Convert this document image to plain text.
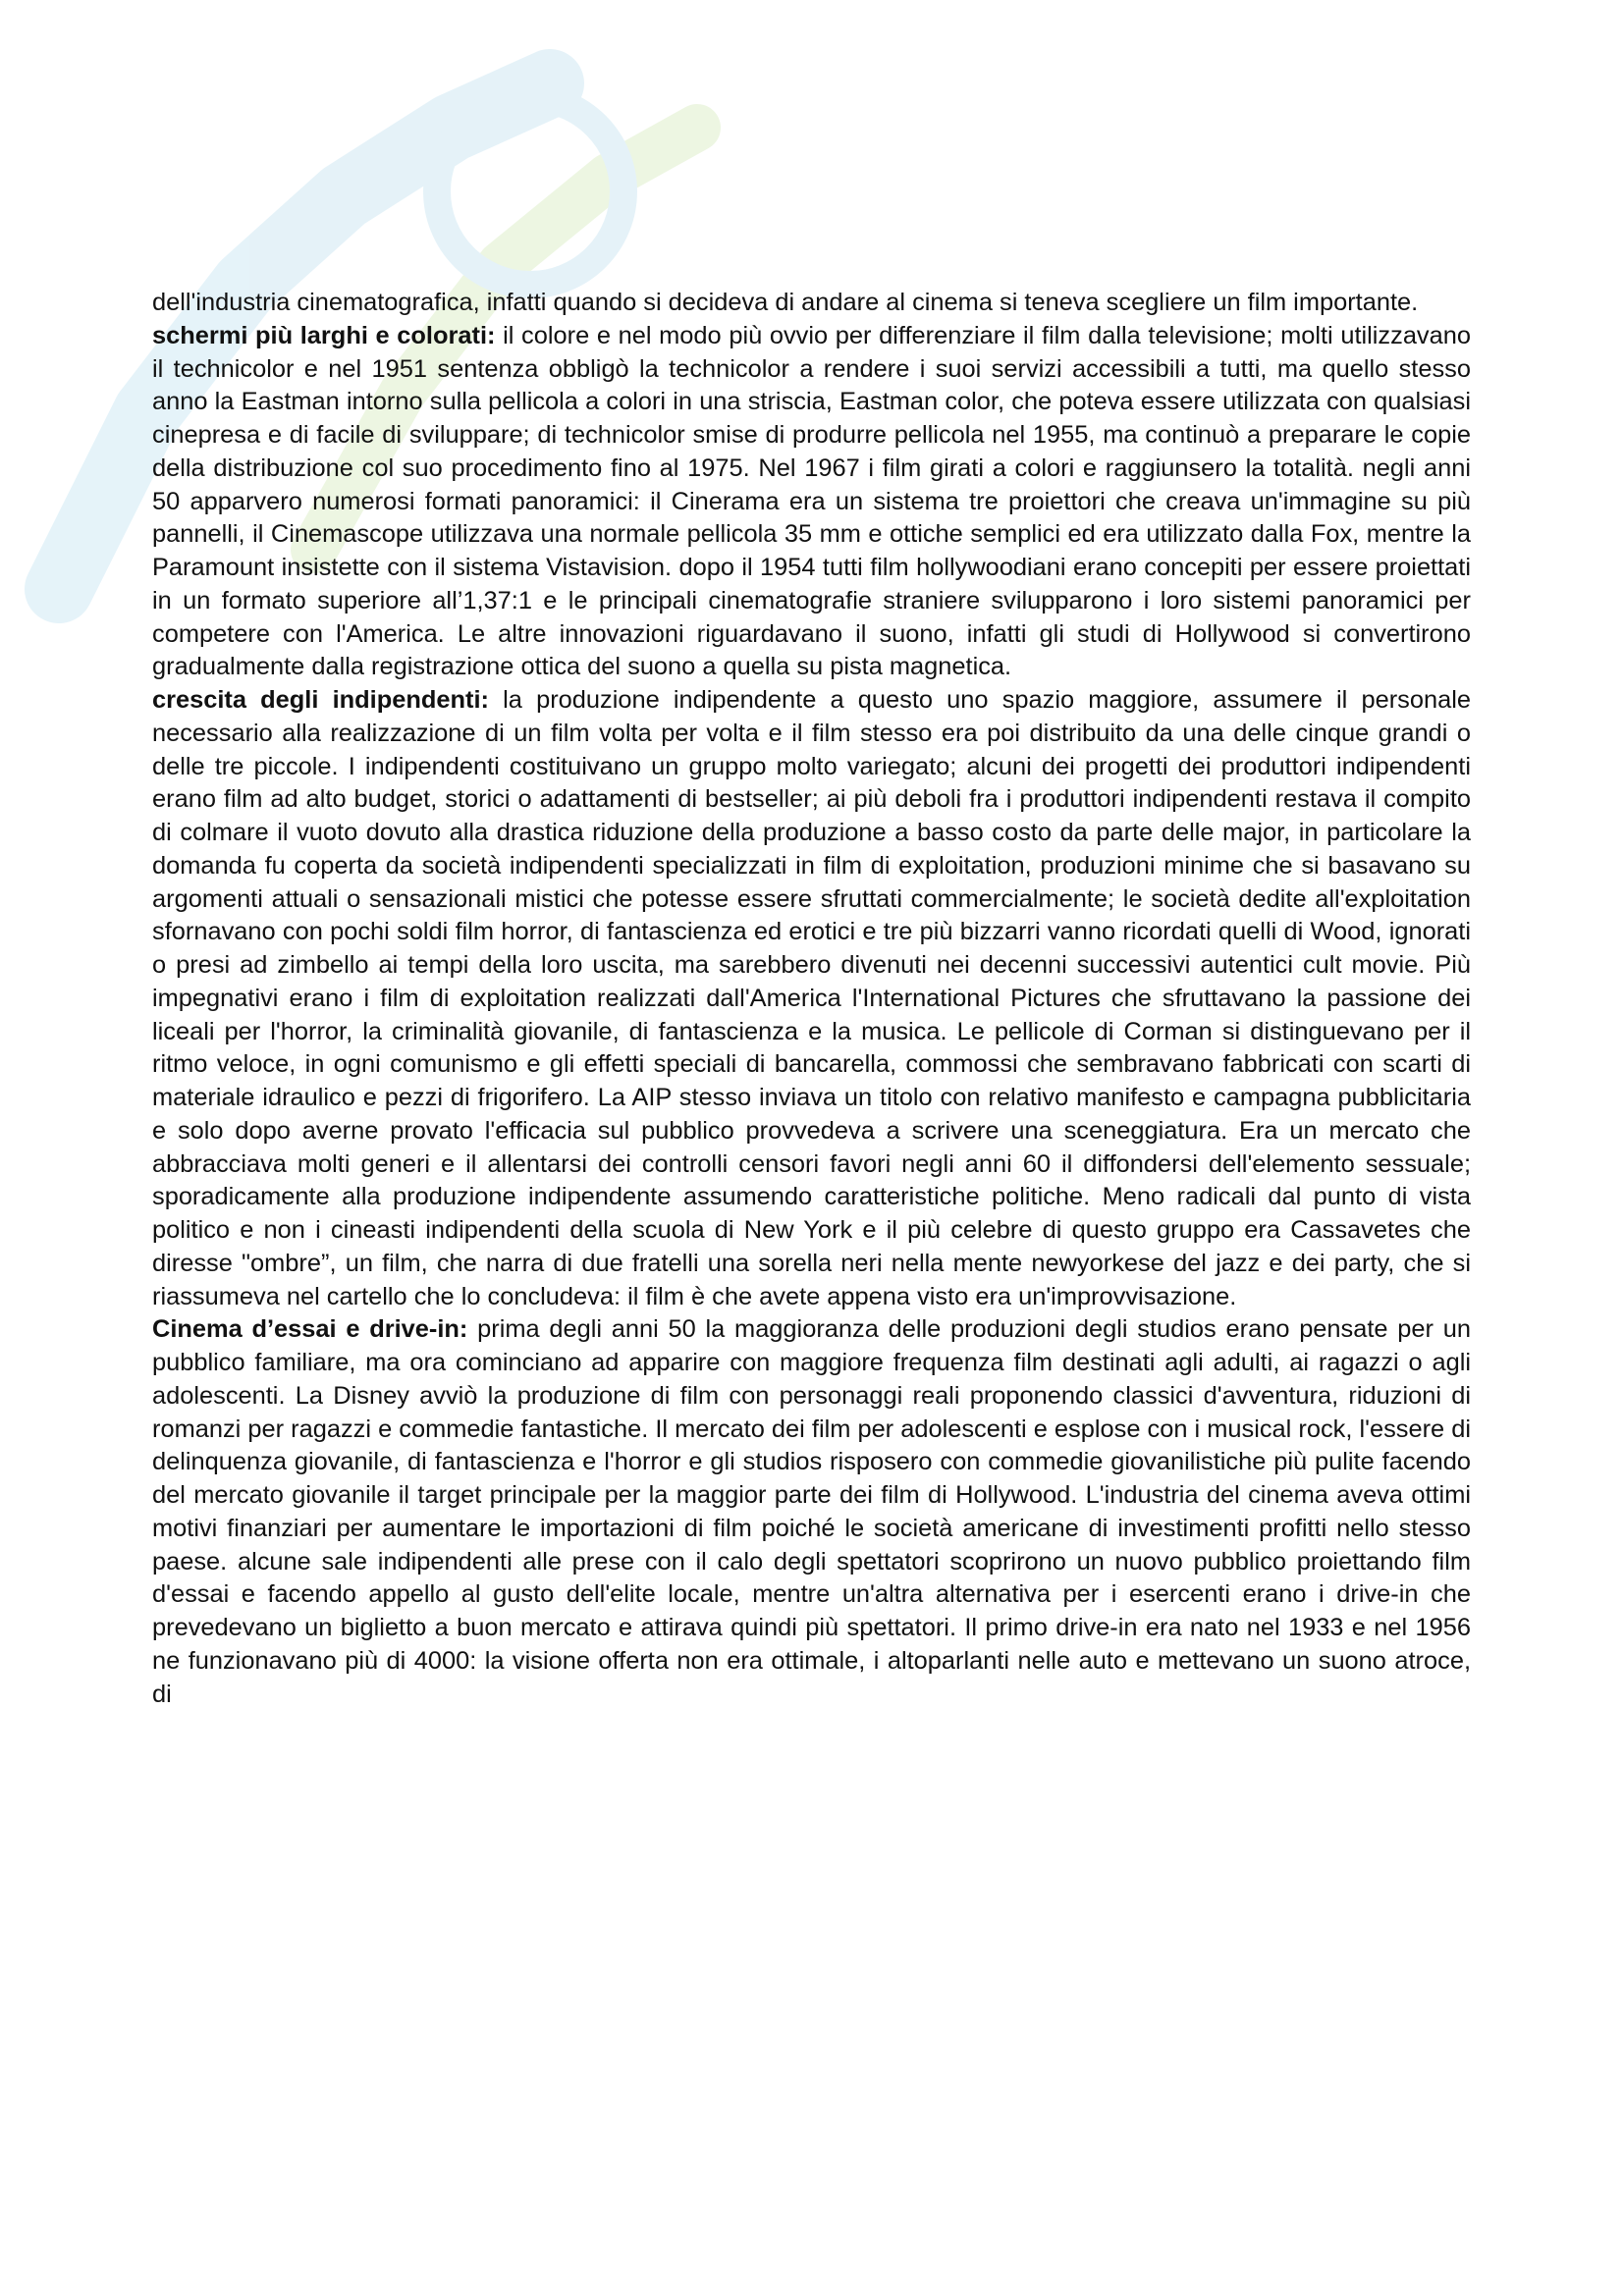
dell'industria cinematografica, infatti quando si decideva di andare al cinema si teneva scegliere un film importante.

schermi più larghi e colorati: il colore e nel modo più ovvio per differenziare il film dalla televisione; molti utilizzavano il technicolor e nel 1951 sentenza obbligò la technicolor a rendere i suoi servizi accessibili a tutti, ma quello stesso anno la Eastman intorno sulla pellicola a colori in una striscia, Eastman color, che poteva essere utilizzata con qualsiasi cinepresa e di facile di sviluppare; di technicolor smise di produrre pellicola nel 1955, ma continuò a preparare le copie della distribuzione col suo procedimento fino al 1975. Nel 1967 i film girati a colori e raggiunsero la totalità. negli anni 50 apparvero numerosi formati panoramici: il Cinerama era un sistema tre proiettori che creava un'immagine su più pannelli, il Cinemascope utilizzava una normale pellicola 35 mm e ottiche semplici ed era utilizzato dalla Fox, mentre la Paramount insistette con il sistema Vistavision. dopo il 1954 tutti film hollywoodiani erano concepiti per essere proiettati in un formato superiore all’1,37:1 e le principali cinematografie straniere svilupparono i loro sistemi panoramici per competere con l'America. Le altre innovazioni riguardavano il suono, infatti gli studi di Hollywood si convertirono gradualmente dalla registrazione ottica del suono a quella su pista magnetica.

crescita degli indipendenti: la produzione indipendente a questo uno spazio maggiore, assumere il personale necessario alla realizzazione di un film volta per volta e il film stesso era poi distribuito da una delle cinque grandi o delle tre piccole. I indipendenti costituivano un gruppo molto variegato; alcuni dei progetti dei produttori indipendenti erano film ad alto budget, storici o adattamenti di bestseller; ai più deboli fra i produttori indipendenti restava il compito di colmare il vuoto dovuto alla drastica riduzione della produzione a basso costo da parte delle major, in particolare la domanda fu coperta da società indipendenti specializzati in film di exploitation, produzioni minime che si basavano su argomenti attuali o sensazionali mistici che potesse essere sfruttati commercialmente; le società dedite all'exploitation sfornavano con pochi soldi film horror, di fantascienza ed erotici e tre più bizzarri vanno ricordati quelli di Wood, ignorati o presi ad zimbello ai tempi della loro uscita, ma sarebbero divenuti nei decenni successivi autentici cult movie. Più impegnativi erano i film di exploitation realizzati dall'America l'International Pictures che sfruttavano la passione dei liceali per l'horror, la criminalità giovanile, di fantascienza e la musica. Le pellicole di Corman si distinguevano per il ritmo veloce, in ogni comunismo e gli effetti speciali di bancarella, commossi che sembravano fabbricati con scarti di materiale idraulico e pezzi di frigorifero. La AIP stesso inviava un titolo con relativo manifesto e campagna pubblicitaria e solo dopo averne provato l'efficacia sul pubblico provvedeva a scrivere una sceneggiatura. Era un mercato che abbracciava molti generi e il allentarsi dei controlli censori favori negli anni 60 il diffondersi dell'elemento sessuale; sporadicamente alla produzione indipendente assumendo caratteristiche politiche. Meno radicali dal punto di vista politico e non i cineasti indipendenti della scuola di New York e il più celebre di questo gruppo era Cassavetes che diresse "ombre”, un film, che narra di due fratelli una sorella neri nella mente newyorkese del jazz e dei party, che si riassumeva nel cartello che lo concludeva: il film è che avete appena visto era un'improvvisazione.

Cinema d’essai e drive-in: prima degli anni 50 la maggioranza delle produzioni degli studios erano pensate per un pubblico familiare, ma ora cominciano ad apparire con maggiore frequenza film destinati agli adulti, ai ragazzi o agli adolescenti. La Disney avviò la produzione di film con personaggi reali proponendo classici d'avventura, riduzioni di romanzi per ragazzi e commedie fantastiche. Il mercato dei film per adolescenti e esplose con i musical rock, l'essere di delinquenza giovanile, di fantascienza e l'horror e gli studios risposero con commedie giovanilistiche più pulite facendo del mercato giovanile il target principale per la maggior parte dei film di Hollywood. L'industria del cinema aveva ottimi motivi finanziari per aumentare le importazioni di film poiché le società americane di investimenti profitti nello stesso paese. alcune sale indipendenti alle prese con il calo degli spettatori scoprirono un nuovo pubblico proiettando film d'essai e facendo appello al gusto dell'elite locale, mentre un'altra alternativa per i esercenti erano i drive-in che prevedevano un biglietto a buon mercato e attirava quindi più spettatori. Il primo drive-in era nato nel 1933 e nel 1956 ne funzionavano più di 4000: la visione offerta non era ottimale, i altoparlanti nelle auto e mettevano un suono atroce, di
